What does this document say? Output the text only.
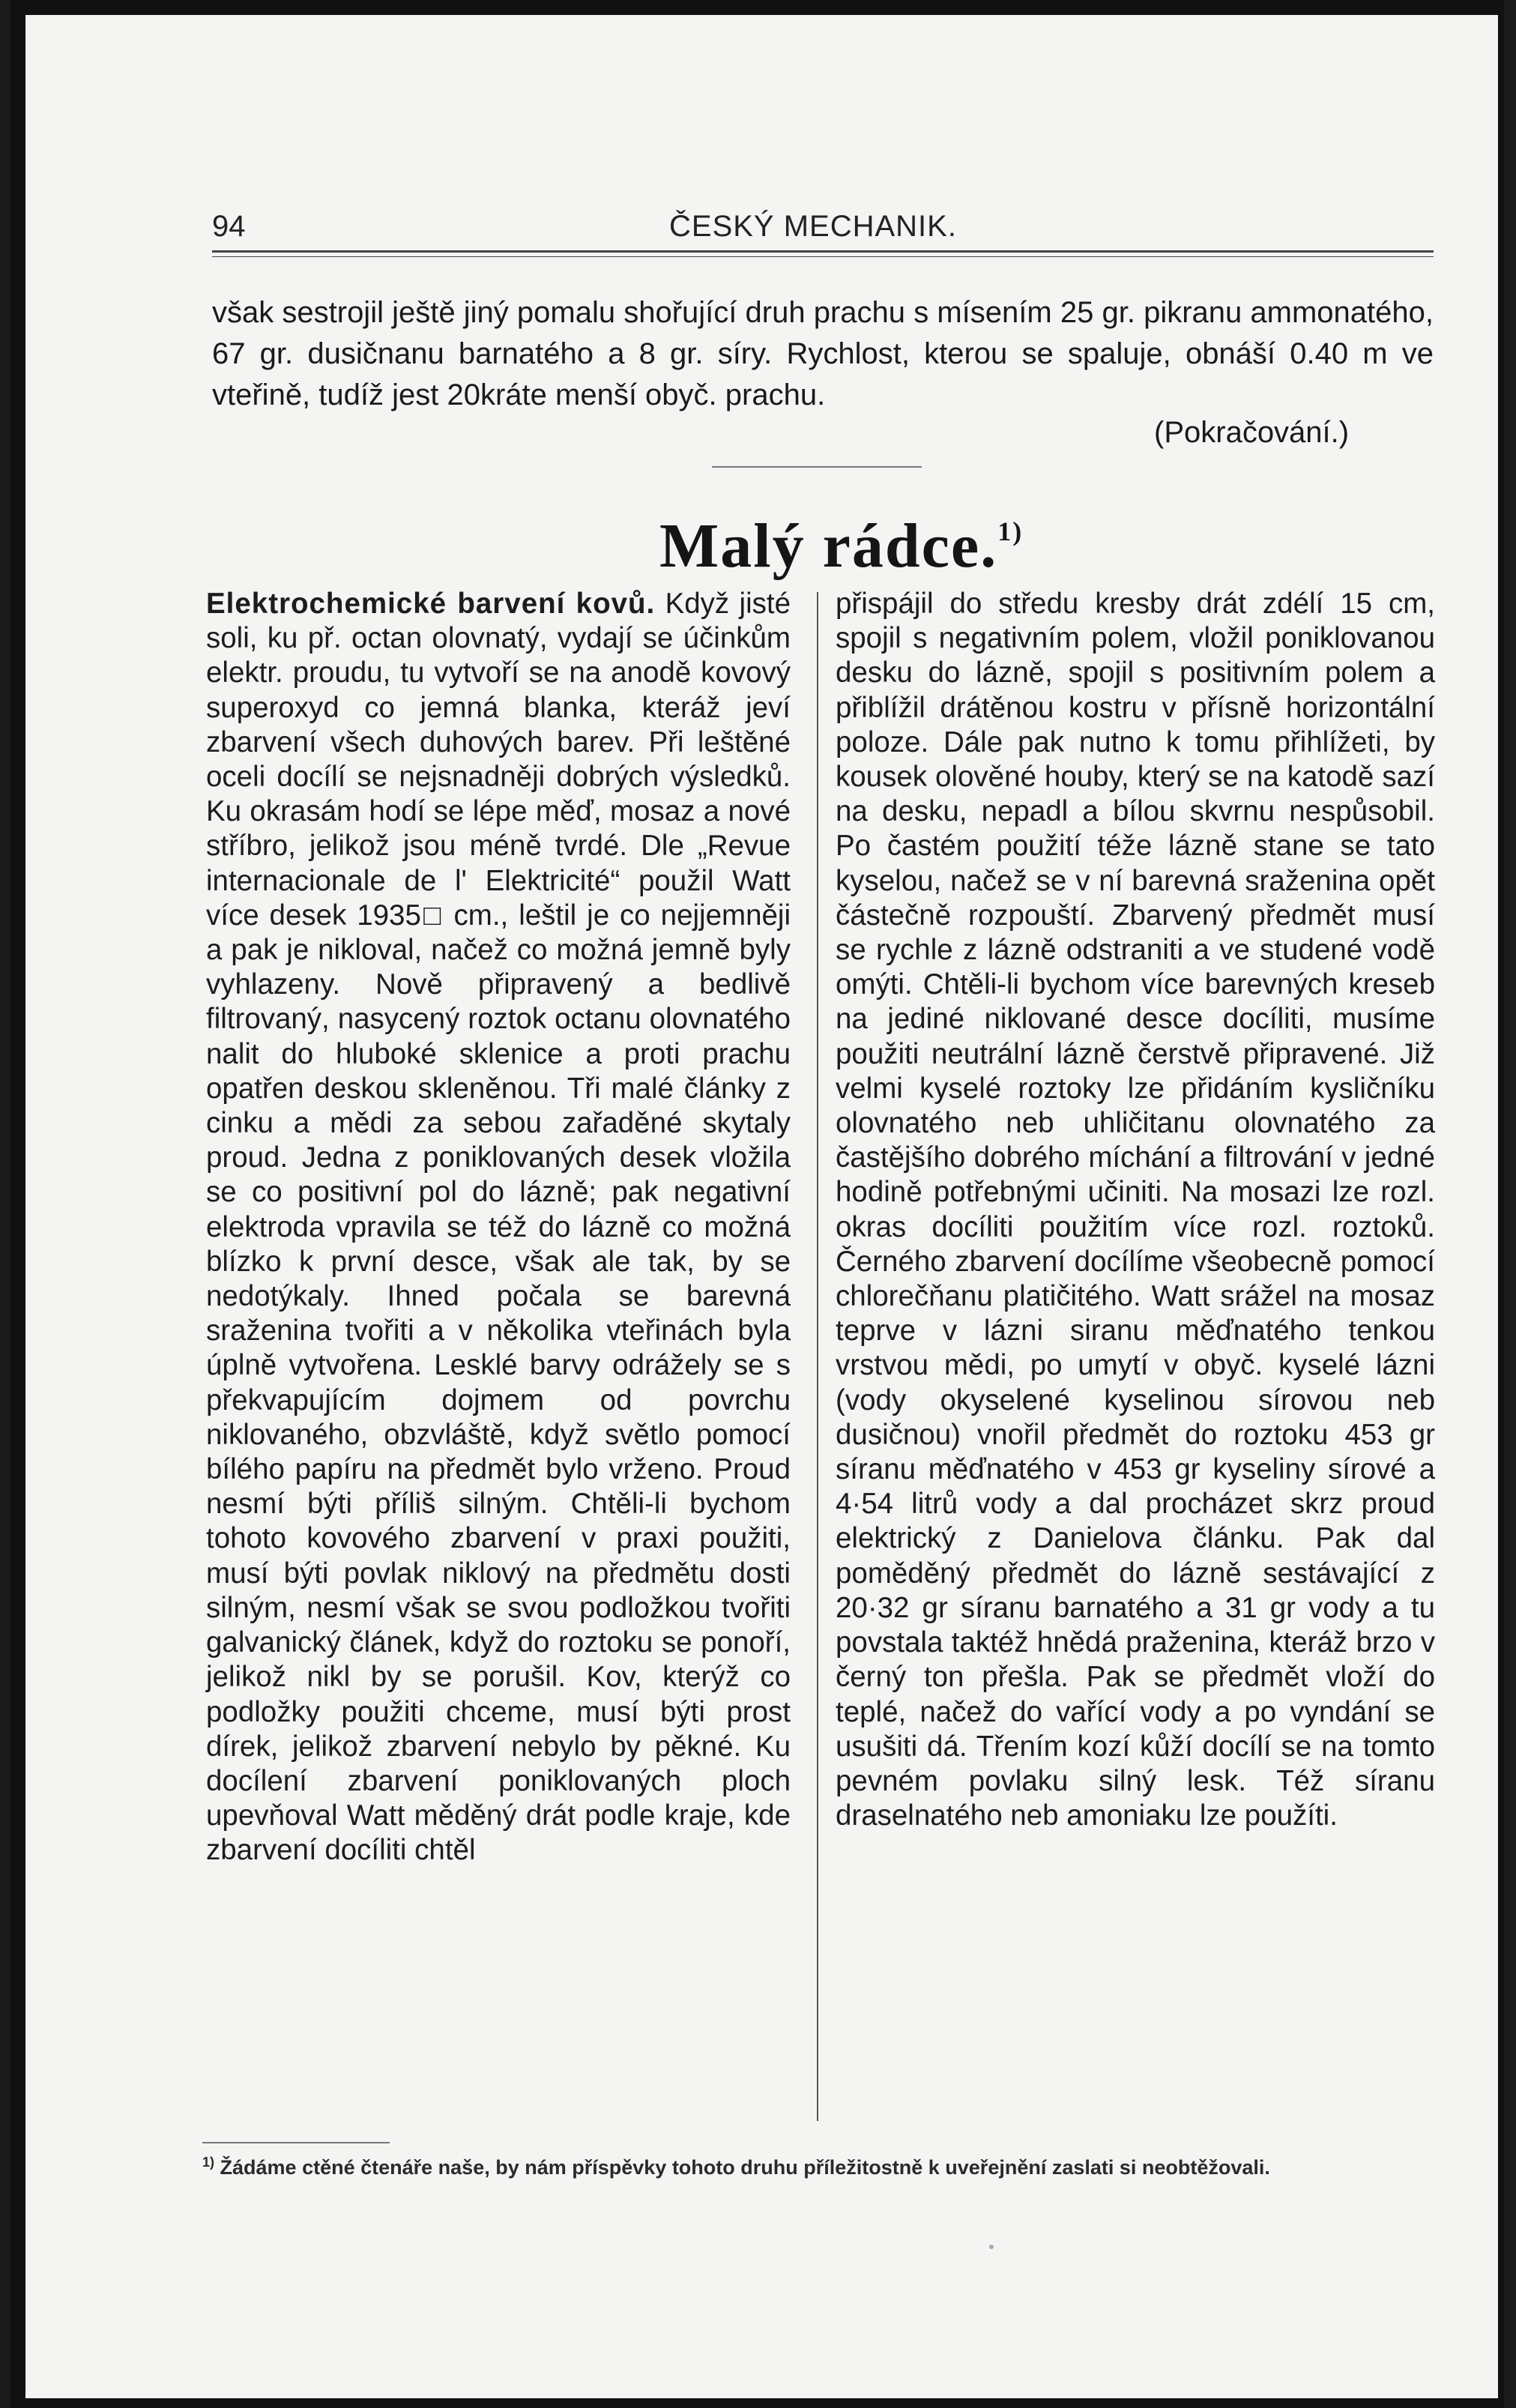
94	ČESKÝ MECHANIK.

však sestrojil ještě jiný pomalu shořující druh prachu s mísením 25 gr. pikranu ammonatého, 67 gr. dusičnanu barnatého a 8 gr. síry. Rychlost, kterou se spaluje, obnáší 0.40 m ve vteřině, tudíž jest 20kráte menší obyč. prachu.

(Pokračování.)
Malý rádce.$^{1)}$

Elektrochemické barvení kovů. Když jisté soli, ku př. octan olovnatý, vydají se účinkům elektr. proudu, tu vytvoří se na anodě kovový superoxyd co jemná blanka, kteráž jeví zbarvení všech duhových barev. Při leštěné oceli docílí se nejsnadněji dobrých výsledků. Ku okrasám hodí se lépe měď, mosaz a nové stříbro, jelikož jsou méně tvrdé. Dle „Revue internacionale de l' Elektricité“ použil Watt více desek 1935□ cm., leštil je co nejjemněji a pak je nikloval, načež co možná jemně byly vyhlazeny. Nově připravený a bedlivě filtrovaný, nasycený roztok octanu olovnatého nalit do hluboké sklenice a proti prachu opatřen deskou skleněnou. Tři malé články z cinku a mědi za sebou zařaděné skytaly proud. Jedna z poniklovaných desek vložila se co positivní pol do lázně; pak negativní elektroda vpravila se též do lázně co možná blízko k první desce, však ale tak, by se nedotýkaly. Ihned počala se barevná sraženina tvořiti a v několika vteřinách byla úplně vytvořena. Lesklé barvy odrážely se s překvapujícím dojmem od povrchu niklovaného, obzvláště, když světlo pomocí bílého papíru na předmět bylo vrženo. Proud nesmí býti příliš silným. Chtěli-li bychom tohoto kovového zbarvení v praxi použiti, musí býti povlak niklový na předmětu dosti silným, nesmí však se svou podložkou tvořiti galvanický článek, když do roztoku se ponoří, jelikož nikl by se porušil. Kov, kterýž co podložky použiti chceme, musí býti prost dírek, jelikož zbarvení nebylo by pěkné. Ku docílení zbarvení poniklovaných ploch upevňoval Watt měděný drát podle kraje, kde zbarvení docíliti chtěl

přispájil do středu kresby drát zdélí 15 cm, spojil s negativním polem, vložil poniklovanou desku do lázně, spojil s positivním polem a přiblížil drátěnou kostru v přísně horizontální poloze. Dále pak nutno k tomu přihlížeti, by kousek olověné houby, který se na katodě sazí na desku, nepadl a bílou skvrnu nespůsobil. Po častém použití téže lázně stane se tato kyselou, načež se v ní barevná sraženina opět částečně rozpouští. Zbarvený předmět musí se rychle z lázně odstraniti a ve studené vodě omýti. Chtěli-li bychom více barevných kreseb na jediné niklované desce docíliti, musíme použiti neutrální lázně čerstvě připravené. Již velmi kyselé roztoky lze přidáním kysličníku olovnatého neb uhličitanu olovnatého za častějšího dobrého míchání a filtrování v jedné hodině potřebnými učiniti. Na mosazi lze rozl. okras docíliti použitím více rozl. roztoků. Černého zbarvení docílíme všeobecně pomocí chlorečňanu platičitého. Watt srážel na mosaz teprve v lázni siranu měďnatého tenkou vrstvou mědi, po umytí v obyč. kyselé lázni (vody okyselené kyselinou sírovou neb dusičnou) vnořil předmět do roztoku 453 gr síranu měďnatého v 453 gr kyseliny sírové a 4·54 litrů vody a dal procházet skrz proud elektrický z Danielova článku. Pak dal poměděný předmět do lázně sestávající z 20·32 gr síranu barnatého a 31 gr vody a tu povstala taktéž hnědá praženina, kteráž brzo v černý ton přešla. Pak se předmět vloží do teplé, načež do vařící vody a po vyndání se usušiti dá. Třením kozí kůží docílí se na tomto pevném povlaku silný lesk. Též síranu draselnatého neb amoniaku lze použíti.

$^{1)}$ Žádáme ctěné čtenáře naše, by nám příspěvky tohoto druhu příležitostně k uveřejnění zaslati si neobtěžovali.
